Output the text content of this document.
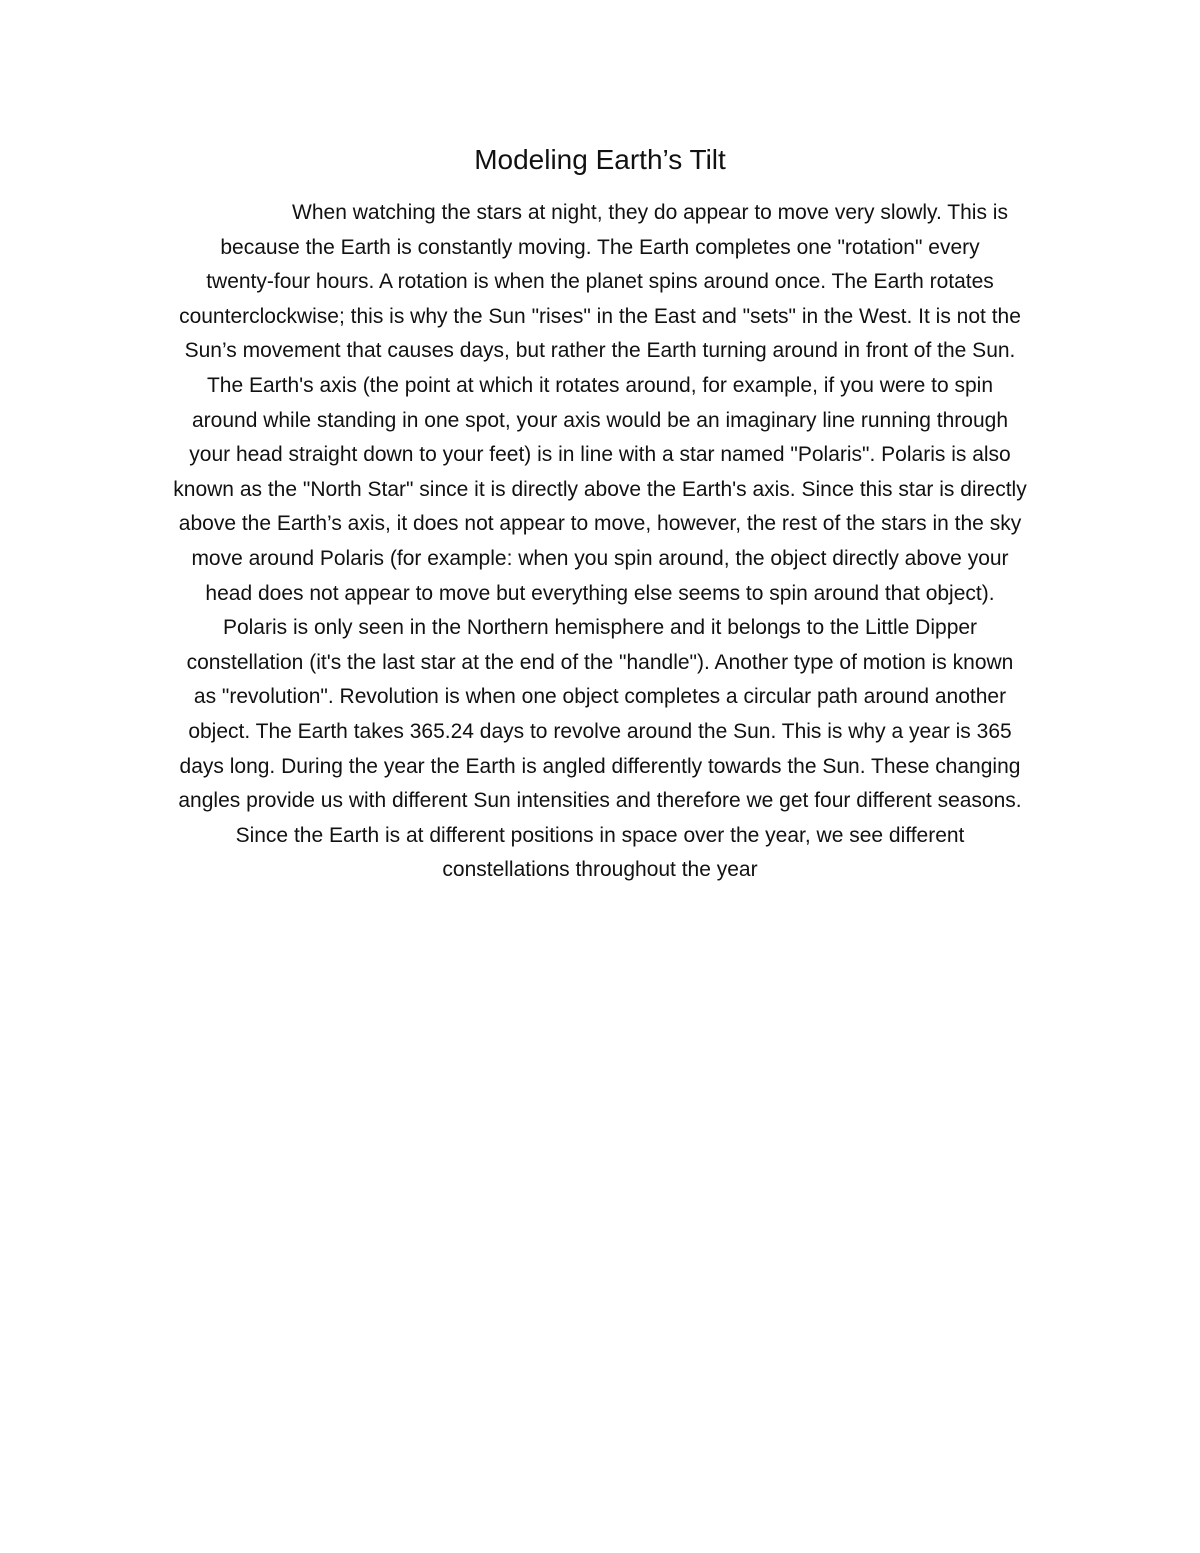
Modeling Earth’s Tilt

When watching the stars at night, they do appear to move very slowly. This is
because the Earth is constantly moving. The Earth completes one "rotation" every
twenty-four hours. A rotation is when the planet spins around once. The Earth rotates
counterclockwise; this is why the Sun "rises" in the East and "sets" in the West. It is not the
Sun’s movement that causes days, but rather the Earth turning around in front of the Sun.
The Earth's axis (the point at which it rotates around, for example, if you were to spin
around while standing in one spot, your axis would be an imaginary line running through
your head straight down to your feet) is in line with a star named "Polaris". Polaris is also
known as the "North Star" since it is directly above the Earth's axis. Since this star is directly
above the Earth’s axis, it does not appear to move, however, the rest of the stars in the sky
move around Polaris (for example: when you spin around, the object directly above your
head does not appear to move but everything else seems to spin around that object).
Polaris is only seen in the Northern hemisphere and it belongs to the Little Dipper
constellation (it's the last star at the end of the "handle"). Another type of motion is known
as "revolution". Revolution is when one object completes a circular path around another
object. The Earth takes 365.24 days to revolve around the Sun. This is why a year is 365
days long. During the year the Earth is angled differently towards the Sun. These changing
angles provide us with different Sun intensities and therefore we get four different seasons.
Since the Earth is at different positions in space over the year, we see different
constellations throughout the year
